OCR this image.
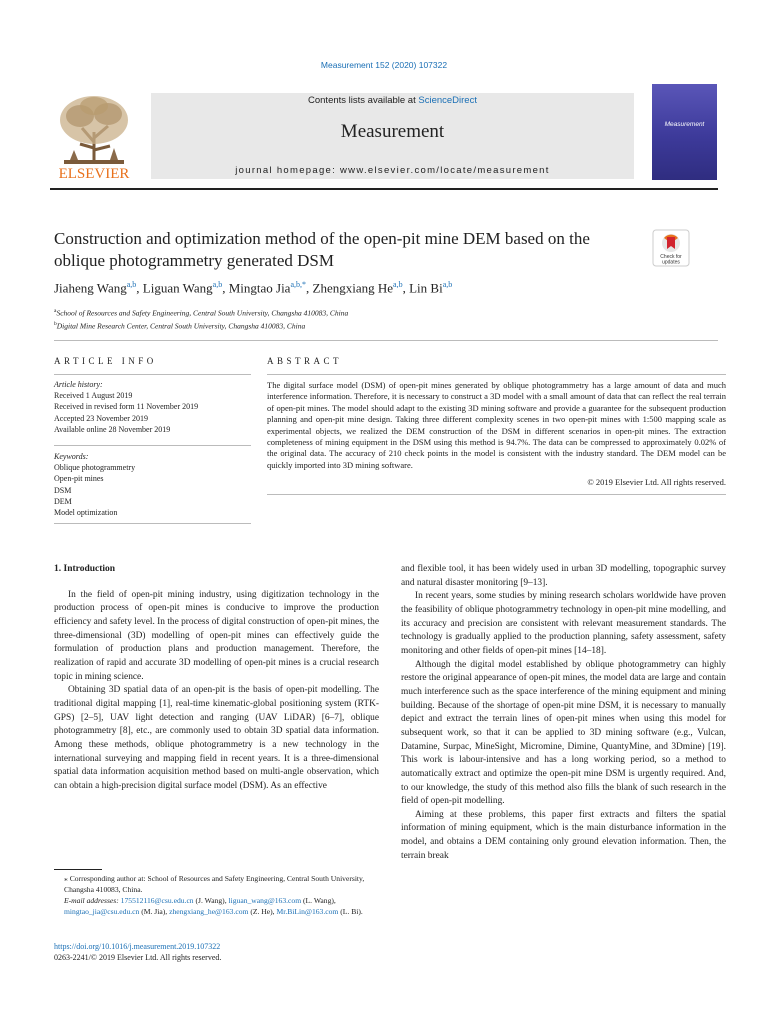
Measurement 152 (2020) 107322
ELSEVIER
Contents lists available at ScienceDirect
Measurement
journal homepage: www.elsevier.com/locate/measurement
Measurement
Construction and optimization method of the open-pit mine DEM based on the oblique photogrammetry generated DSM	Check for
updates
Jiaheng Wang$^{a,b}$, Liguan Wang$^{a,b}$, Mingtao Jia$^{a,b,*}$, Zhengxiang He$^{a,b}$, Lin Bi$^{a,b}$
$^a$School of Resources and Safety Engineering, Central South University, Changsha 410083, China
$^b$Digital Mine Research Center, Central South University, Changsha 410083, China
ARTICLE INFO	ABSTRACT
Article history:
Received 1 August 2019
Received in revised form 11 November 2019
Accepted 23 November 2019
Available online 28 November 2019
Keywords:
Oblique photogrammetry
Open-pit mines
DSM
DEM
Model optimization
The digital surface model (DSM) of open-pit mines generated by oblique photogrammetry has a large amount of data and much interference information. Therefore, it is necessary to construct a 3D model with a small amount of data that can reflect the real terrain of open-pit mines. The model should adapt to the existing 3D mining software and provide a guarantee for the subsequent production planning and open-pit mine design. Taking three different complexity scenes in two open-pit mines with 1:500 mapping scale as experimental objects, we realized the DEM construction of the DSM in different scenarios in open-pit mines. The extraction completeness of mining equipment in the DSM using this method is 94.7%. The data can be compressed to approximately 0.02% of the original data. The accuracy of 210 check points in the model is consistent with the industry standard. The DEM model can be quickly imported into 3D mining software.
© 2019 Elsevier Ltd. All rights reserved.
1. Introduction

In the field of open-pit mining industry, using digitization technology in the production process of open-pit mines is conducive to improve the production efficiency and safety level. In the process of digital construction of open-pit mines, the three-dimensional (3D) modelling of open-pit mines can effectively guide the formulation of production plans and production management. Therefore, the realization of rapid and accurate 3D modelling of open-pit mines is a crucial research topic in mining science.

Obtaining 3D spatial data of an open-pit is the basis of open-pit modelling. The traditional digital mapping [1], real-time kinematic-global positioning system (RTK-GPS) [2–5], UAV light detection and ranging (UAV LiDAR) [6–7], oblique photogrammetry [8], etc., are commonly used to obtain 3D spatial data information. Among these methods, oblique photogrammetry is a new technology in the international surveying and mapping field in recent years. It is a three-dimensional spatial data information acquisition method based on multi-angle observation, which can obtain a high-precision digital surface model (DSM). As an effective

and flexible tool, it has been widely used in urban 3D modelling, topographic survey and natural disaster monitoring [9–13].

In recent years, some studies by mining research scholars worldwide have proven the feasibility of oblique photogrammetry technology in open-pit mine modelling, and its accuracy and precision are consistent with relevant measurement standards. The technology is gradually applied to the production planning, safety assessment, safety monitoring and other fields of open-pit mines [14–18].

Although the digital model established by oblique photogrammetry can highly restore the original appearance of open-pit mines, the model data are large and contain much interference such as the space interference of the mining equipment and mining building. Because of the shortage of open-pit mine DSM, it is necessary to manually depict and extract the terrain lines of open-pit mines when using this model for subsequent work, so that it can be applied to 3D mining software (e.g., Vulcan, Datamine, Surpac, MineSight, Micromine, Dimine, QuantyMine, and 3Dmine) [19]. This work is labour-intensive and has a long working period, so a method to automatically extract and optimize the open-pit mine DSM is urgently required. And, to our knowledge, the study of this method also fills the blank of such research in the field of open-pit modelling.

Aiming at these problems, this paper first extracts and filters the spatial information of mining equipment, which is the main disturbance information in the model, and obtains a DEM containing only ground elevation information. Then, the terrain break

⁎ Corresponding author at: School of Resources and Safety Engineering, Central South University, Changsha 410083, China.
E-mail addresses: 175512116@csu.edu.cn (J. Wang), liguan_wang@163.com (L. Wang), mingtao_jia@csu.edu.cn (M. Jia), zhengxiang_he@163.com (Z. He), Mr.BiLin@163.com (L. Bi).
https://doi.org/10.1016/j.measurement.2019.107322
0263-2241/© 2019 Elsevier Ltd. All rights reserved.
